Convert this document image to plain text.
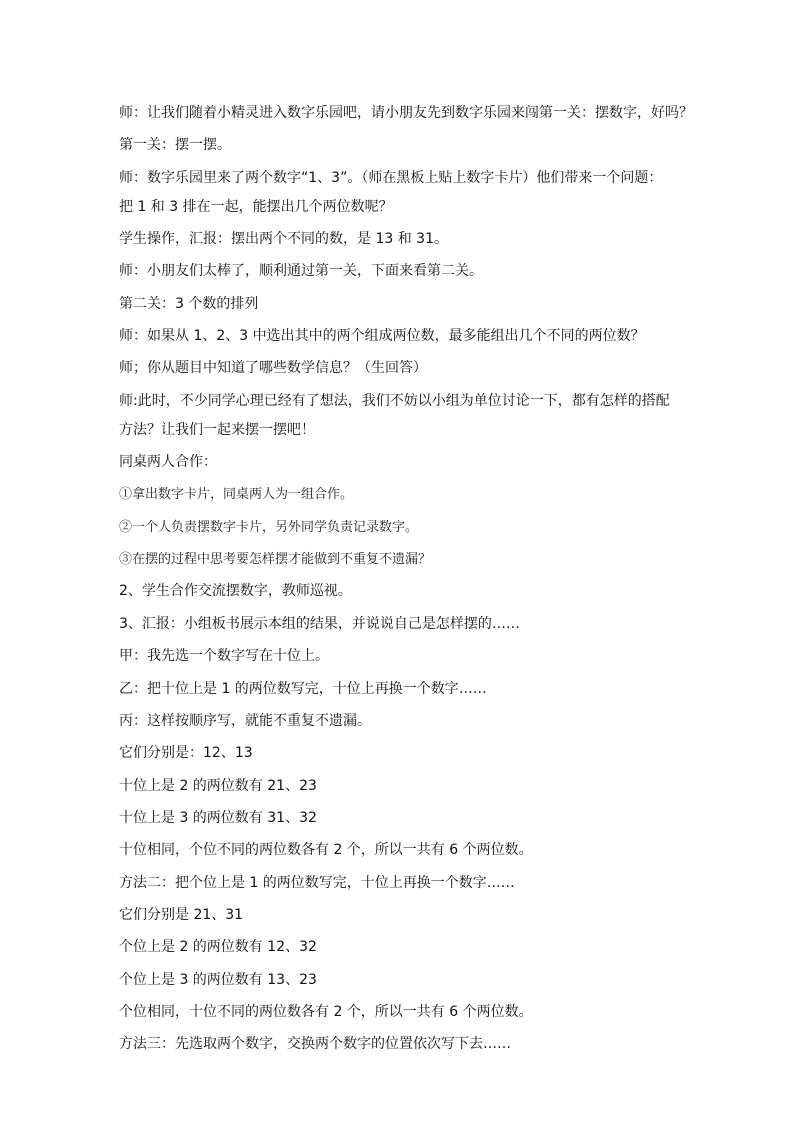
师：让我们随着小精灵进入数字乐园吧，请小朋友先到数字乐园来闯第一关：摆数字，好吗？
第一关：摆一摆。
师：数字乐园里来了两个数字“1、3”。（师在黑板上贴上数字卡片）他们带来一个问题：
把 1 和 3 排在一起，能摆出几个两位数呢？
学生操作，汇报：摆出两个不同的数，是 13 和 31。
师：小朋友们太棒了，顺利通过第一关，下面来看第二关。
第二关：3 个数的排列
师：如果从 1、2、3 中选出其中的两个组成两位数，最多能组出几个不同的两位数？
师；你从题目中知道了哪些数学信息？（生回答）
师:此时，不少同学心理已经有了想法，我们不妨以小组为单位讨论一下，都有怎样的搭配
方法？让我们一起来摆一摆吧！
同桌两人合作：
①拿出数字卡片，同桌两人为一组合作。
②一个人负责摆数字卡片，另外同学负责记录数字。
③在摆的过程中思考要怎样摆才能做到不重复不遗漏？
2、学生合作交流摆数字，教师巡视。
3、汇报：小组板书展示本组的结果，并说说自己是怎样摆的……
甲：我先选一个数字写在十位上。
乙：把十位上是 1 的两位数写完，十位上再换一个数字……
丙：这样按顺序写，就能不重复不遗漏。
它们分别是：12、13
十位上是 2 的两位数有 21、23
十位上是 3 的两位数有 31、32
十位相同，个位不同的两位数各有 2 个，所以一共有 6 个两位数。
方法二：把个位上是 1 的两位数写完，十位上再换一个数字……
它们分别是 21、31
个位上是 2 的两位数有 12、32
个位上是 3 的两位数有 13、23
个位相同，十位不同的两位数各有 2 个，所以一共有 6 个两位数。
方法三：先选取两个数字，交换两个数字的位置依次写下去……
